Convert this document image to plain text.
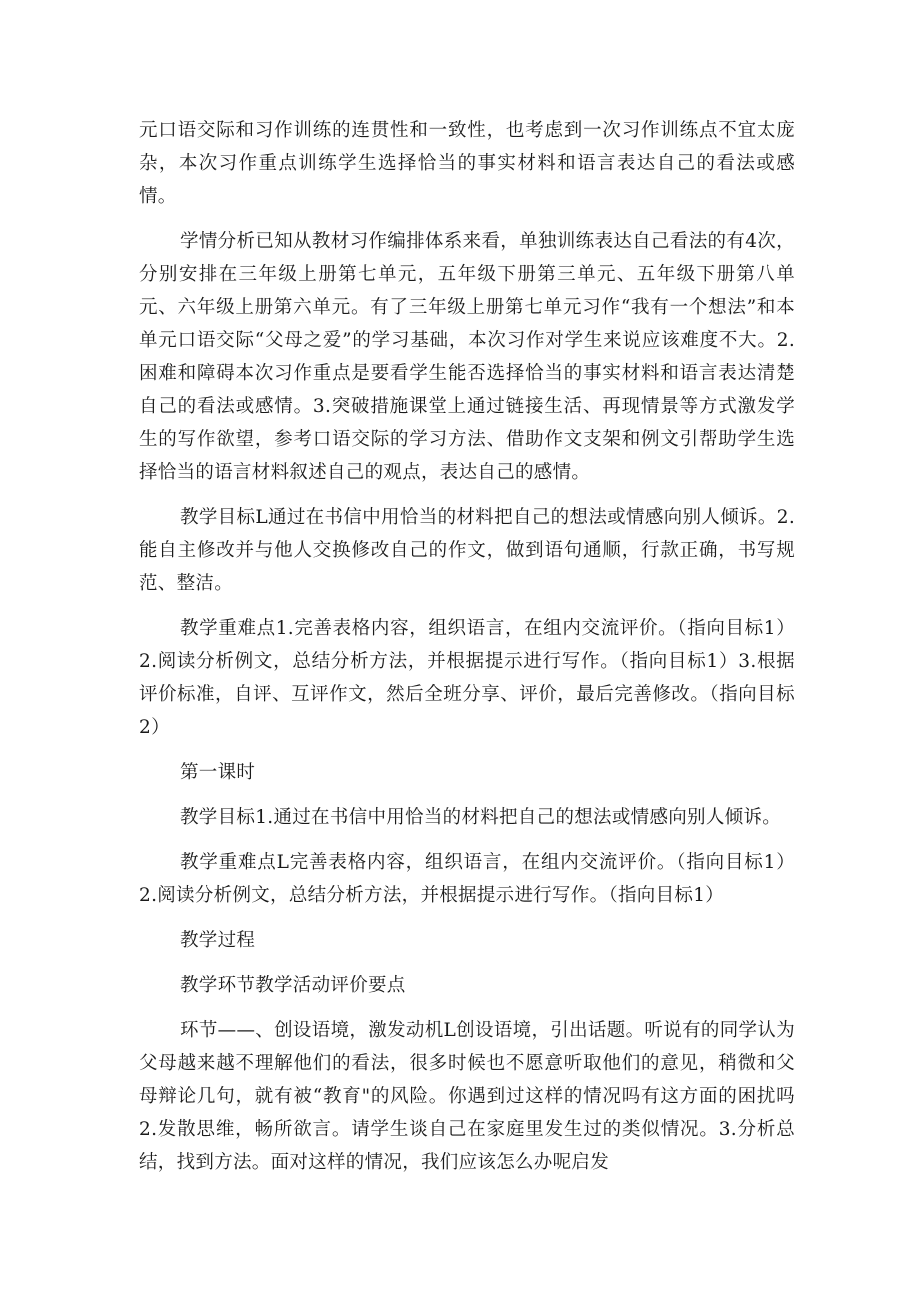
元口语交际和习作训练的连贯性和一致性，也考虑到一次习作训练点不宜太庞杂，本次习作重点训练学生选择恰当的事实材料和语言表达自己的看法或感情。

学情分析已知从教材习作编排体系来看，单独训练表达自己看法的有4次，分别安排在三年级上册第七单元，五年级下册第三单元、五年级下册第八单元、六年级上册第六单元。有了三年级上册第七单元习作“我有一个想法”和本单元口语交际“父母之爱”的学习基础，本次习作对学生来说应该难度不大。2.困难和障碍本次习作重点是要看学生能否选择恰当的事实材料和语言表达清楚自己的看法或感情。3.突破措施课堂上通过链接生活、再现情景等方式激发学生的写作欲望，参考口语交际的学习方法、借助作文支架和例文引帮助学生选择恰当的语言材料叙述自己的观点，表达自己的感情。

教学目标L通过在书信中用恰当的材料把自己的想法或情感向别人倾诉。2.能自主修改并与他人交换修改自己的作文，做到语句通顺，行款正确，书写规范、整洁。

教学重难点1.完善表格内容，组织语言，在组内交流评价。（指向目标1）2.阅读分析例文，总结分析方法，并根据提示进行写作。（指向目标1）3.根据评价标准，自评、互评作文，然后全班分享、评价，最后完善修改。（指向目标2）

第一课时

教学目标1.通过在书信中用恰当的材料把自己的想法或情感向别人倾诉。

教学重难点L完善表格内容，组织语言，在组内交流评价。（指向目标1）2.阅读分析例文，总结分析方法，并根据提示进行写作。（指向目标1）

教学过程

教学环节教学活动评价要点

环节——、创设语境，激发动机L创设语境，引出话题。听说有的同学认为父母越来越不理解他们的看法，很多时候也不愿意听取他们的意见，稍微和父母辩论几句，就有被“教育"的风险。你遇到过这样的情况吗有这方面的困扰吗2.发散思维，畅所欲言。请学生谈自己在家庭里发生过的类似情况。3.分析总结，找到方法。面对这样的情况，我们应该怎么办呢启发
